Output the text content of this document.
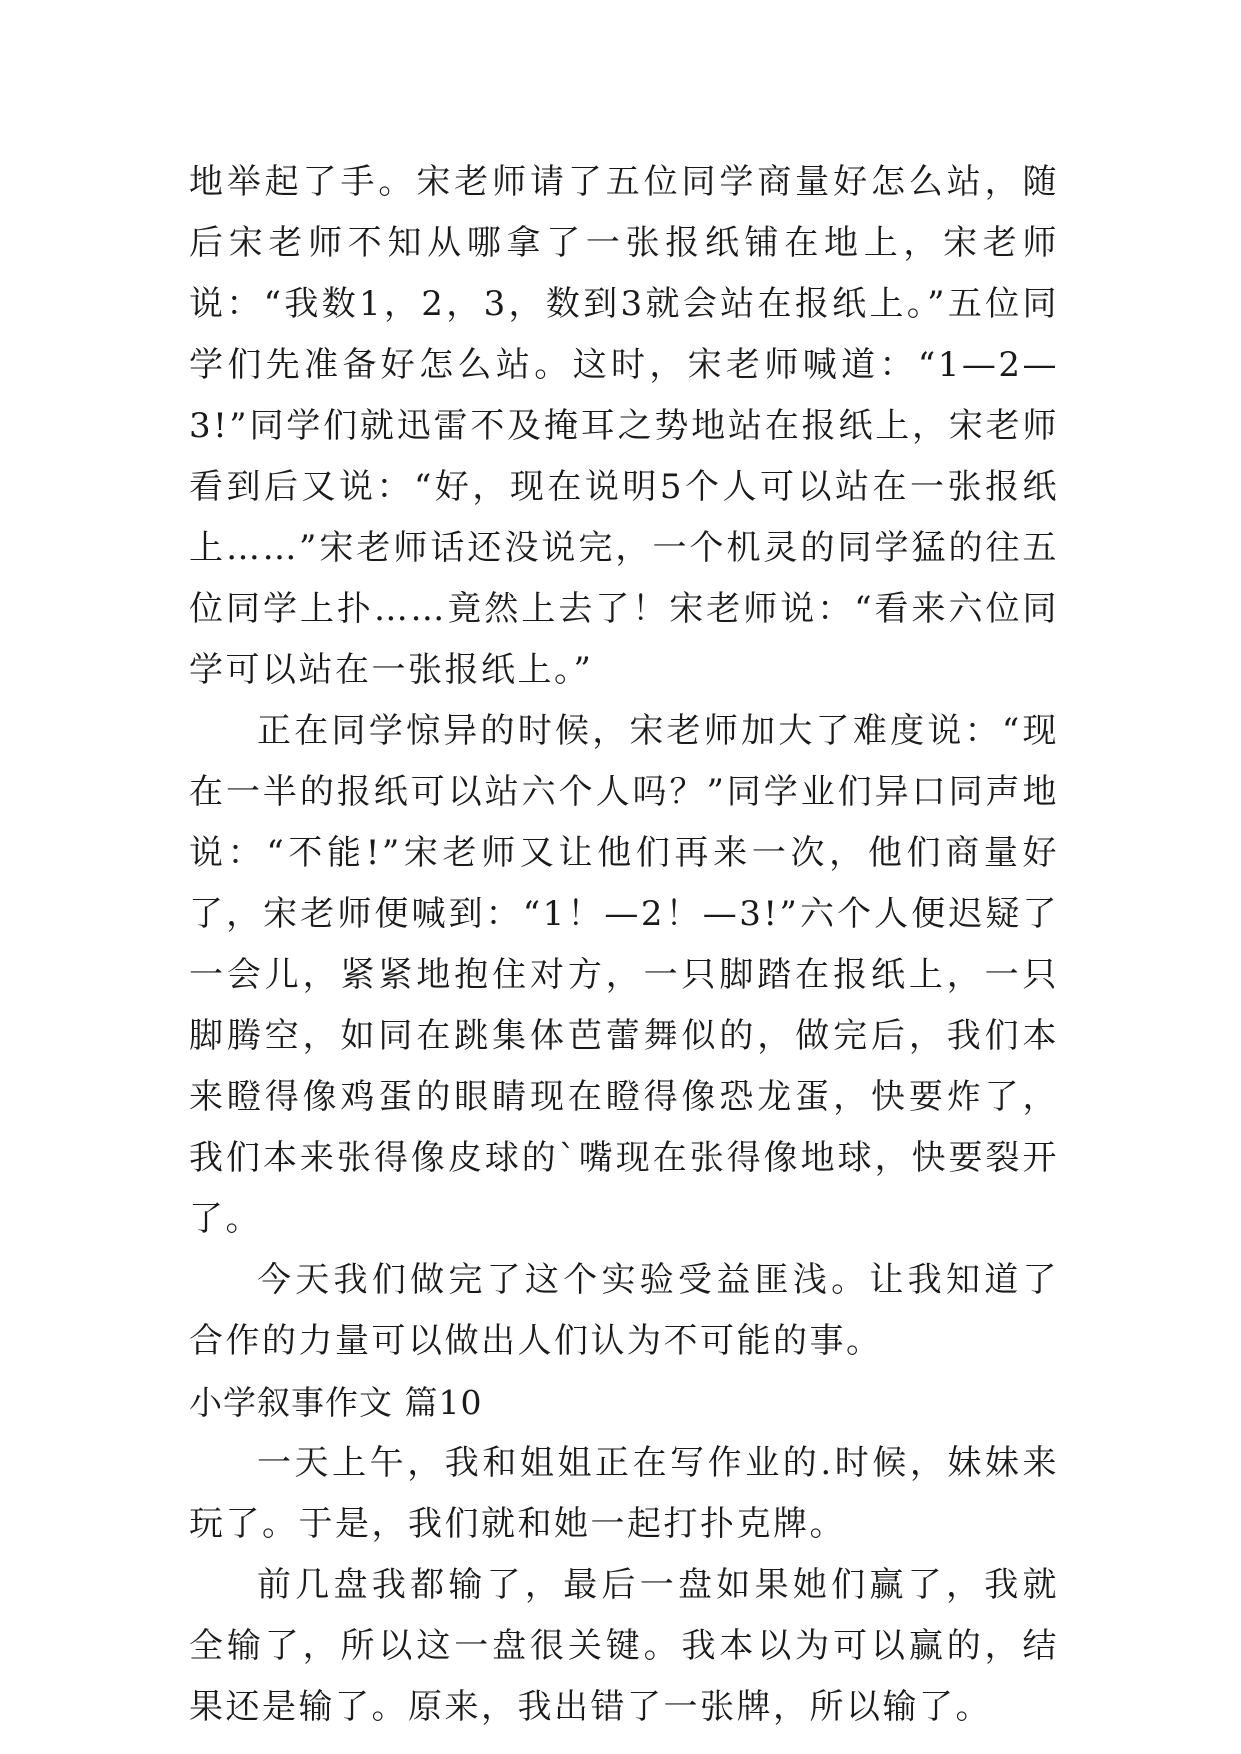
地举起了手。宋老师请了五位同学商量好怎么站，随后宋老师不知从哪拿了一张报纸铺在地上，宋老师说：“我数1，2，3，数到3就会站在报纸上。”五位同学们先准备好怎么站。这时，宋老师喊道：“1—2—3!”同学们就迅雷不及掩耳之势地站在报纸上，宋老师看到后又说：“好，现在说明5个人可以站在一张报纸上……”宋老师话还没说完，一个机灵的同学猛的往五位同学上扑……竟然上去了！宋老师说：“看来六位同学可以站在一张报纸上。”

正在同学惊异的时候，宋老师加大了难度说：“现在一半的报纸可以站六个人吗？”同学业们异口同声地说：“不能!”宋老师又让他们再来一次，他们商量好了，宋老师便喊到：“1！—2！—3!”六个人便迟疑了一会儿，紧紧地抱住对方，一只脚踏在报纸上，一只脚腾空，如同在跳集体芭蕾舞似的，做完后，我们本来瞪得像鸡蛋的眼睛现在瞪得像恐龙蛋，快要炸了，我们本来张得像皮球的`嘴现在张得像地球，快要裂开了。

今天我们做完了这个实验受益匪浅。让我知道了合作的力量可以做出人们认为不可能的事。

小学叙事作文 篇10

一天上午，我和姐姐正在写作业的.时候，妹妹来玩了。于是，我们就和她一起打扑克牌。

前几盘我都输了，最后一盘如果她们赢了，我就全输了，所以这一盘很关键。我本以为可以赢的，结果还是输了。原来，我出错了一张牌，所以输了。
